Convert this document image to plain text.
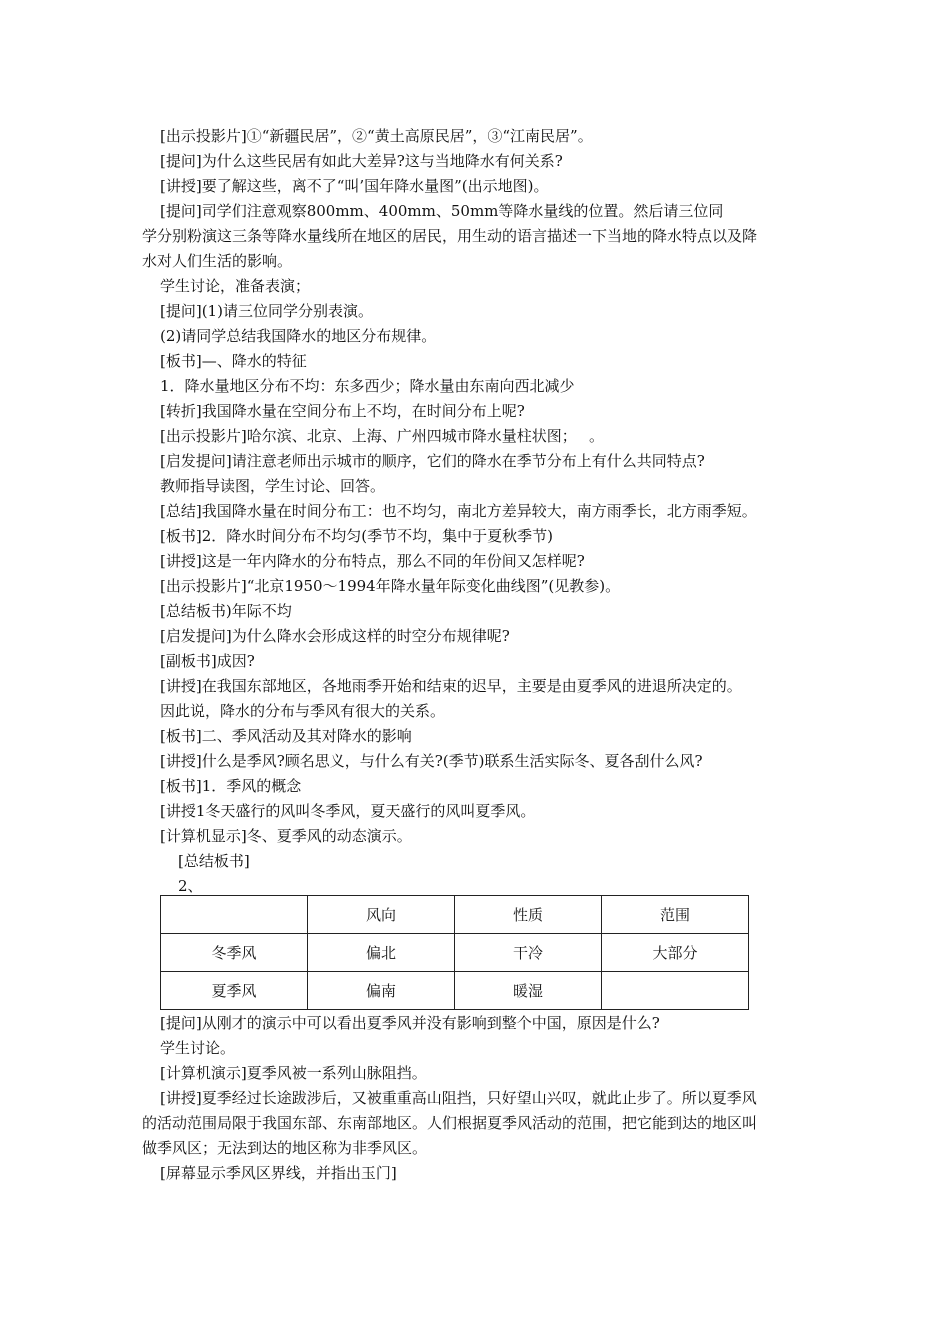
[出示投影片]①“新疆民居”，②“黄土高原民居”，③“江南民居”。
[提问]为什么这些民居有如此大差异?这与当地降水有何关系?
[讲授]要了解这些，离不了“叫’国年降水量图”(出示地图)。
[提问]司学们注意观察800mm、400mm、50mm等降水量线的位置。然后请三位同
学分别粉演这三条等降水量线所在地区的居民，用生动的语言描述一下当地的降水特点以及降
水对人们生活的影响。
学生讨论，准备表演；
[提问](1)请三位同学分别表演。
(2)请同学总结我国降水的地区分布规律。
[板书]—、降水的特征
1．降水量地区分布不均：东多西少；降水量由东南向西北减少
[转折]我国降水量在空间分布上不均，在时间分布上呢?
[出示投影片]哈尔滨、北京、上海、广州四城市降水量柱状图；　 。
[启发提问]请注意老师出示城市的顺序，它们的降水在季节分布上有什么共同特点?
教师指导读图，学生讨论、回答。
[总结]我国降水量在时间分布工：也不均匀，南北方差异较大，南方雨季长，北方雨季短。
[板书]2．降水时间分布不均匀(季节不均，集中于夏秋季节)
[讲授]这是一年内降水的分布特点，那么不同的年份间又怎样呢?
[出示投影片]“北京1950～1994年降水量年际变化曲线图”(见教参)。
[总结板书)年际不均
[启发提问]为什么降水会形成这样的时空分布规律呢?
[副板书]成因?
[讲授]在我国东部地区，各地雨季开始和结束的迟早，主要是由夏季风的进退所决定的。
因此说，降水的分布与季风有很大的关系。
[板书]二、季风活动及其对降水的影响
[讲授]什么是季风?顾名思义，与什么有关?(季节)联系生活实际冬、夏各刮什么风?
[板书]1．季风的概念
[讲授1冬天盛行的风叫冬季风，夏天盛行的风叫夏季风。
[计算机显示]冬、夏季风的动态演示。
[总结板书]
2、
	风向	性质	范围
冬季风	偏北	干冷	大部分
夏季风	偏南	暖湿	
[提问]从刚才的演示中可以看出夏季风并没有影响到整个中国，原因是什么?
学生讨论。
[计算机演示]夏季风被一系列山脉阻挡。
[讲授]夏季经过长途跋涉后，又被重重高山阻挡，只好望山兴叹，就此止步了。所以夏季风
的活动范围局限于我国东部、东南部地区。人们根据夏季风活动的范围，把它能到达的地区叫
做季风区；无法到达的地区称为非季风区。
[屏幕显示季风区界线，并指出玉门]
